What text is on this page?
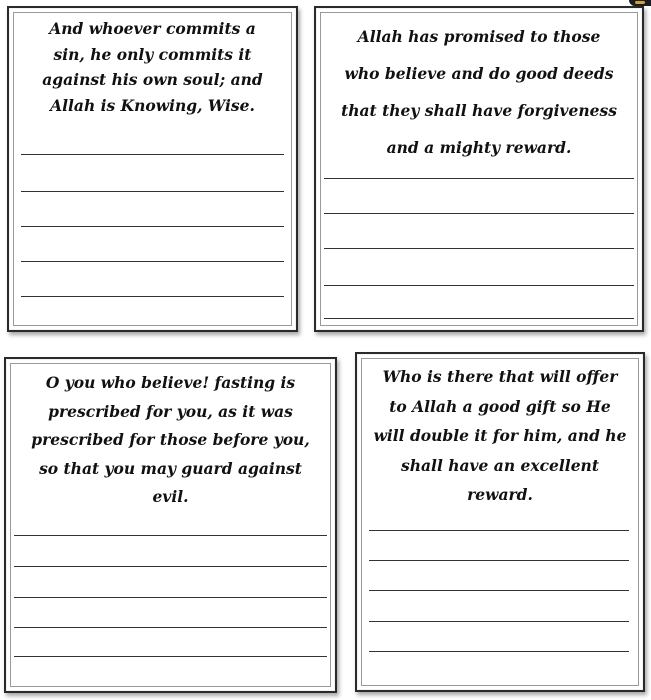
And whoever commits a
sin, he only commits it
against his own soul; and
Allah is Knowing, Wise.
Allah has promised to those
who believe and do good deeds
that they shall have forgiveness
and a mighty reward.
O you who believe! fasting is
prescribed for you, as it was
prescribed for those before you,
so that you may guard against
evil.
Who is there that will offer
to Allah a good gift so He
will double it for him, and he
shall have an excellent
reward.
